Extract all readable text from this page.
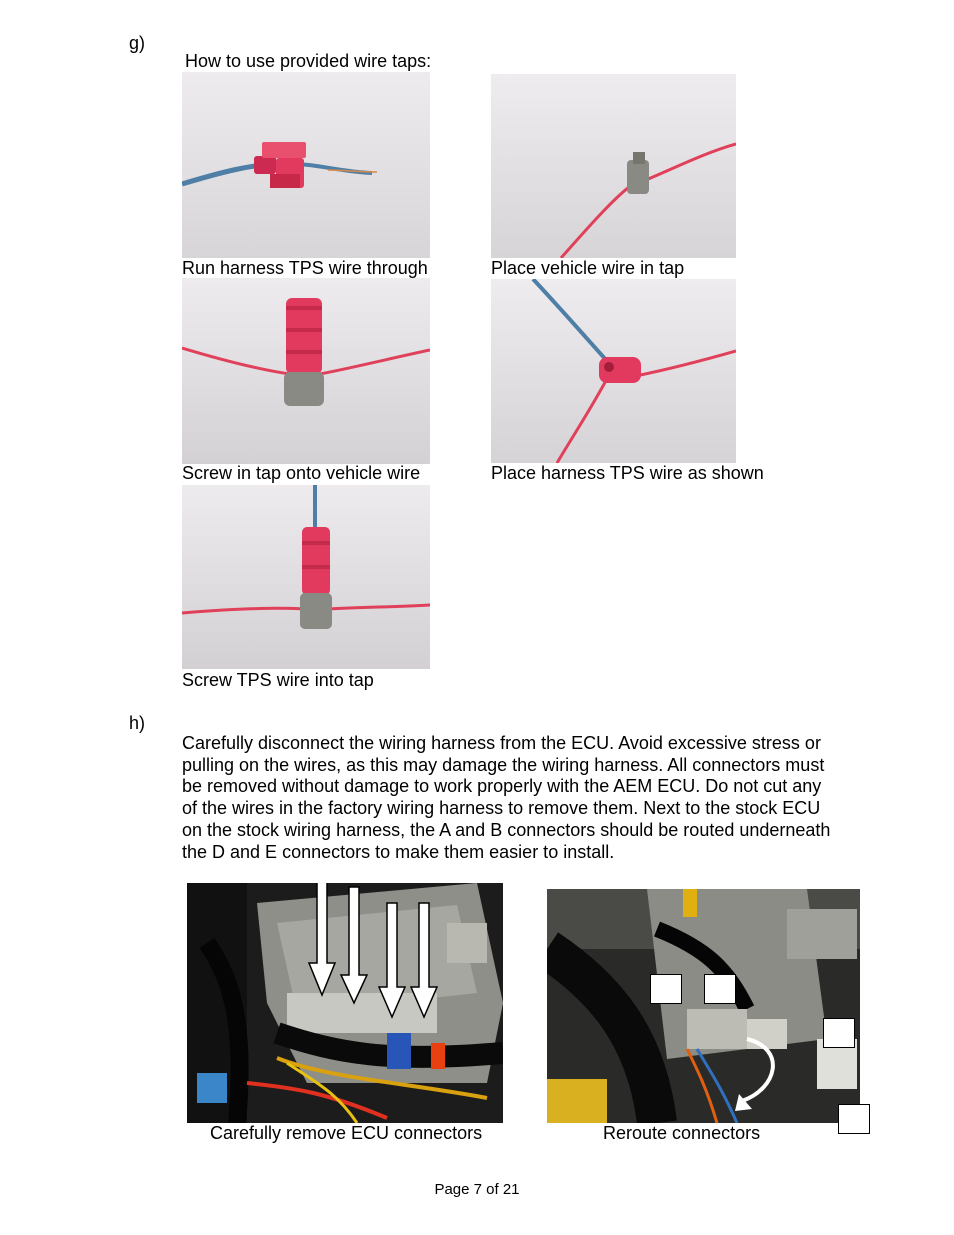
g)
How to use provided wire taps:
Run harness TPS wire through	Place vehicle wire in tap
Screw in tap onto vehicle wire	Place harness TPS wire as shown
Screw TPS wire into tap
h)
Carefully disconnect the wiring harness from the ECU. Avoid excessive stress or
pulling on the wires, as this may damage the wiring harness. All connectors must
be removed without damage to work properly with the AEM ECU. Do not cut any
of the wires in the factory wiring harness to remove them. Next to the stock ECU
on the stock wiring harness, the A and B connectors should be routed underneath
the D and E connectors to make them easier to install.
Carefully remove ECU connectors	Reroute connectors
Page 7 of 21
